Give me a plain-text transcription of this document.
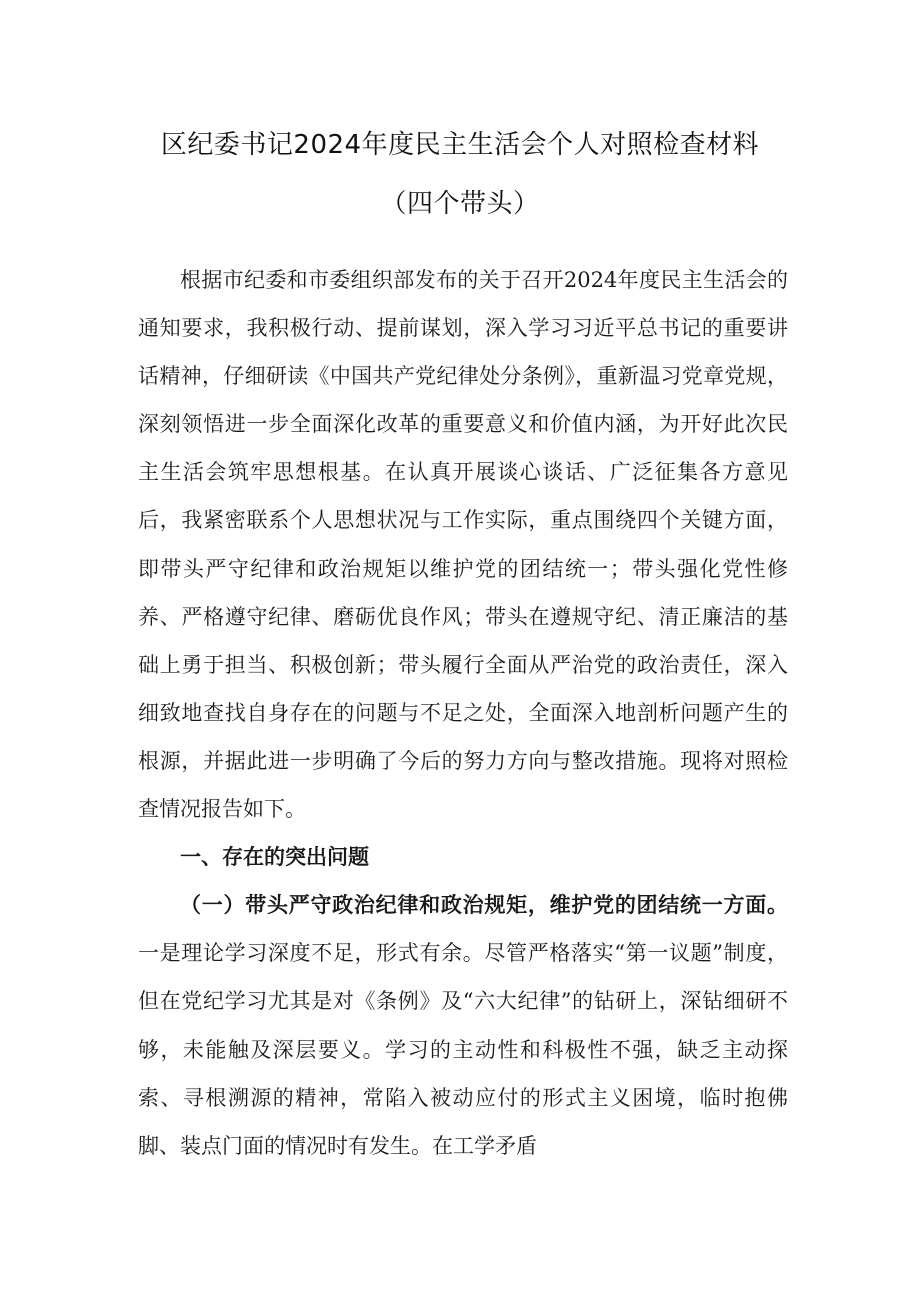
区纪委书记2024年度民主生活会个人对照检查材料
（四个带头）

根据市纪委和市委组织部发布的关于召开2024年度民主生活会的通知要求，我积极行动、提前谋划，深入学习习近平总书记的重要讲话精神，仔细研读《中国共产党纪律处分条例》，重新温习党章党规，深刻领悟进一步全面深化改革的重要意义和价值内涵，为开好此次民主生活会筑牢思想根基。在认真开展谈心谈话、广泛征集各方意见后，我紧密联系个人思想状况与工作实际，重点围绕四个关键方面，即带头严守纪律和政治规矩以维护党的团结统一；带头强化党性修养、严格遵守纪律、磨砺优良作风；带头在遵规守纪、清正廉洁的基础上勇于担当、积极创新；带头履行全面从严治党的政治责任，深入细致地查找自身存在的问题与不足之处，全面深入地剖析问题产生的根源，并据此进一步明确了今后的努力方向与整改措施。现将对照检查情况报告如下。

一、存在的突出问题

（一）带头严守政治纪律和政治规矩，维护党的团结统一方面。一是理论学习深度不足，形式有余。尽管严格落实“第一议题”制度，但在党纪学习尤其是对《条例》及“六大纪律”的钻研上，深钻细研不够，未能触及深层要义。学习的主动性和科极性不强，缺乏主动探索、寻根溯源的精神，常陷入被动应付的形式主义困境，临时抱佛脚、装点门面的情况时有发生。在工学矛盾
